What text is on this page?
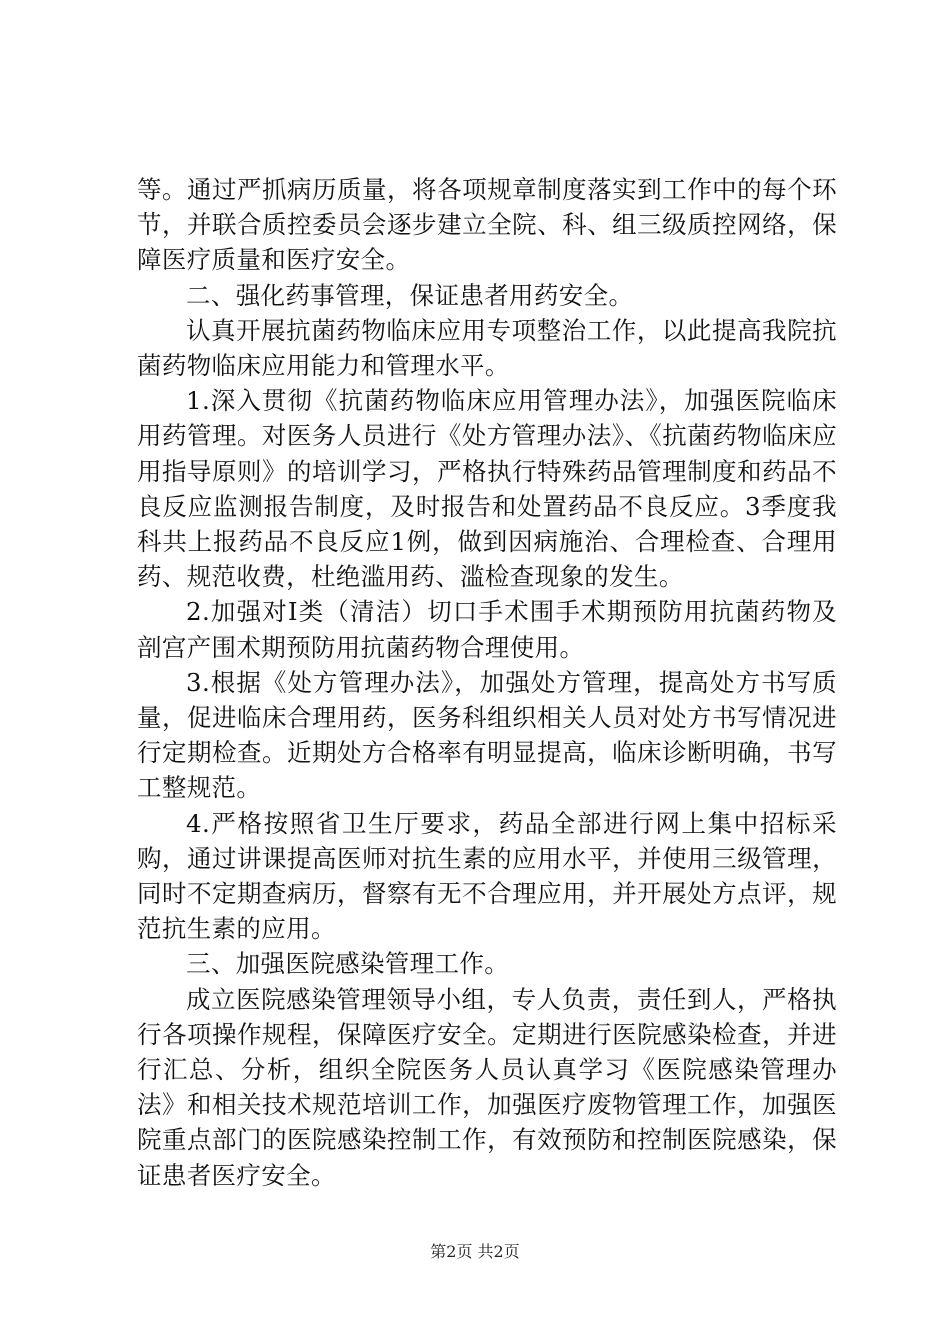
等。通过严抓病历质量，将各项规章制度落实到工作中的每个环节，并联合质控委员会逐步建立全院、科、组三级质控网络，保障医疗质量和医疗安全。

二、强化药事管理，保证患者用药安全。

认真开展抗菌药物临床应用专项整治工作，以此提高我院抗菌药物临床应用能力和管理水平。

1.深入贯彻《抗菌药物临床应用管理办法》，加强医院临床用药管理。对医务人员进行《处方管理办法》、《抗菌药物临床应用指导原则》的培训学习，严格执行特殊药品管理制度和药品不良反应监测报告制度，及时报告和处置药品不良反应。3季度我科共上报药品不良反应1例，做到因病施治、合理检查、合理用药、规范收费，杜绝滥用药、滥检查现象的发生。

2.加强对Ⅰ类（清洁）切口手术围手术期预防用抗菌药物及剖宫产围术期预防用抗菌药物合理使用。

3.根据《处方管理办法》，加强处方管理，提高处方书写质量，促进临床合理用药，医务科组织相关人员对处方书写情况进行定期检查。近期处方合格率有明显提高，临床诊断明确，书写工整规范。

4.严格按照省卫生厅要求，药品全部进行网上集中招标采购，通过讲课提高医师对抗生素的应用水平，并使用三级管理，同时不定期查病历，督察有无不合理应用，并开展处方点评，规范抗生素的应用。

三、加强医院感染管理工作。

成立医院感染管理领导小组，专人负责，责任到人，严格执行各项操作规程，保障医疗安全。定期进行医院感染检查，并进行汇总、分析，组织全院医务人员认真学习《医院感染管理办法》和相关技术规范培训工作，加强医疗废物管理工作，加强医院重点部门的医院感染控制工作，有效预防和控制医院感染，保证患者医疗安全。

第2页 共2页
